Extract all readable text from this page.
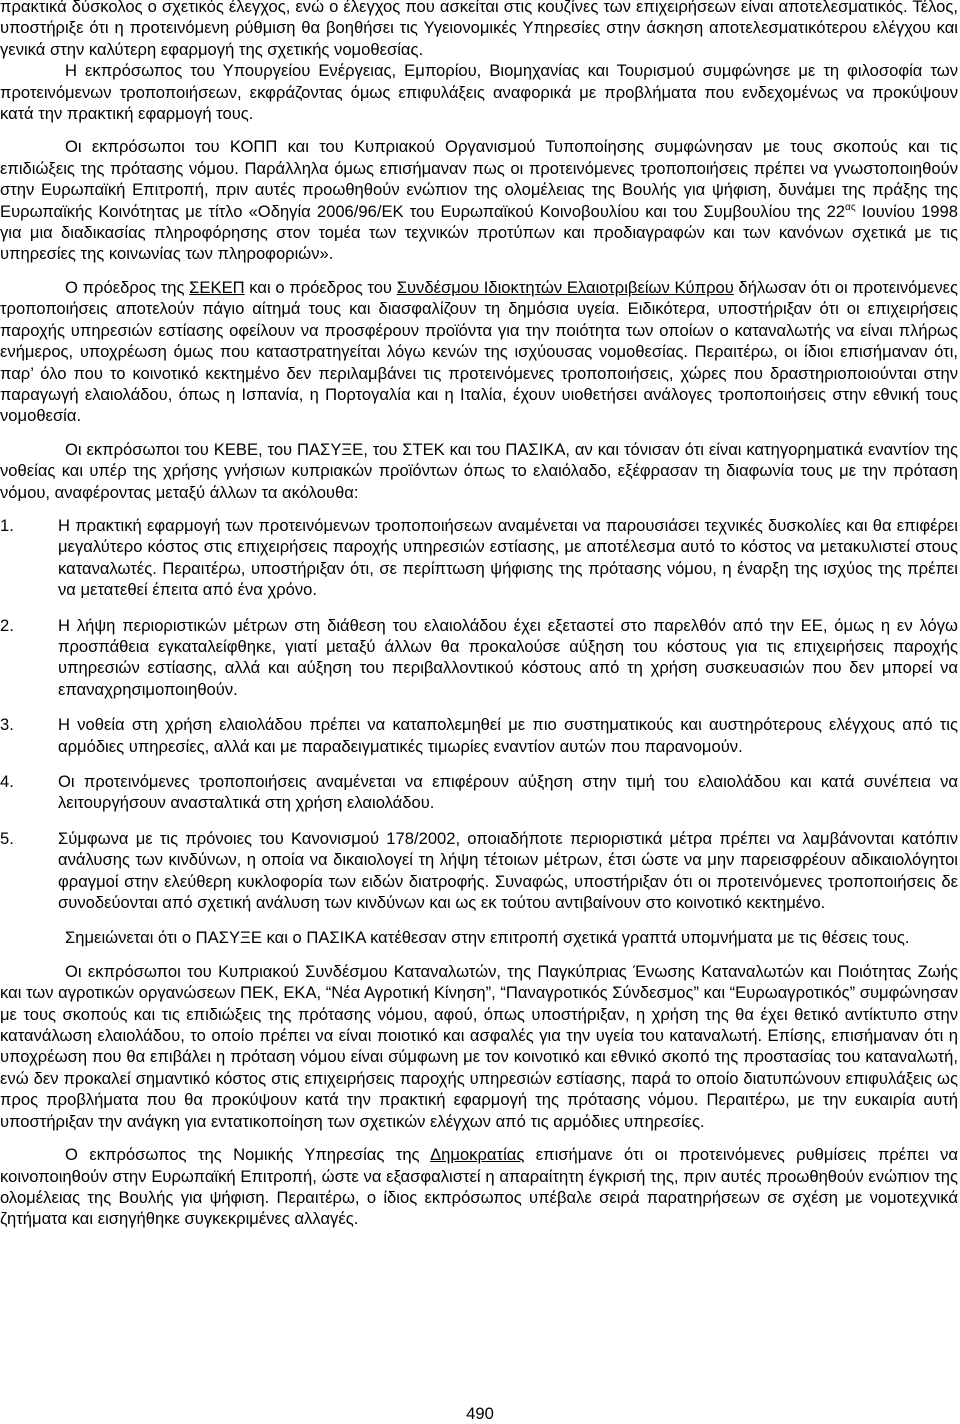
πρακτικά δύσκολος ο σχετικός έλεγχος, ενώ ο έλεγχος που ασκείται στις κουζίνες των επιχειρήσεων είναι αποτελεσματικός. Τέλος, υποστήριξε ότι η προτεινόμενη ρύθμιση θα βοηθήσει τις Υγειονομικές Υπηρεσίες στην άσκηση αποτελεσματικότερου ελέγχου και γενικά στην καλύτερη εφαρμογή της σχετικής νομοθεσίας.

Η εκπρόσωπος του Υπουργείου Ενέργειας, Εμπορίου, Βιομηχανίας και Τουρισμού συμφώνησε με τη φιλοσοφία των προτεινόμενων τροποποιήσεων, εκφράζοντας όμως επιφυλάξεις αναφορικά με προβλήματα που ενδεχομένως να προκύψουν κατά την πρακτική εφαρμογή τους.

Οι εκπρόσωποι του ΚΟΠΠ και του Κυπριακού Οργανισμού Τυποποίησης συμφώνησαν με τους σκοπούς και τις επιδιώξεις της πρότασης νόμου. Παράλληλα όμως επισήμαναν πως οι προτεινόμενες τροποποιήσεις πρέπει να γνωστοποιηθούν στην Ευρωπαϊκή Επιτροπή, πριν αυτές προωθηθούν ενώπιον της ολομέλειας της Βουλής για ψήφιση, δυνάμει της πράξης της Ευρωπαϊκής Κοινότητας με τίτλο «Οδηγία 2006/96/ΕΚ του Ευρωπαϊκού Κοινοβουλίου και του Συμβουλίου της $22^{\alpha\varsigma}$ Ιουνίου 1998 για μια διαδικασίας πληροφόρησης στον τομέα των τεχνικών προτύπων και προδιαγραφών και των κανόνων σχετικά με τις υπηρεσίες της κοινωνίας των πληροφοριών».

Ο πρόεδρος της ΣΕΚΕΠ και ο πρόεδρος του Συνδέσμου Ιδιοκτητών Ελαιοτριβείων Κύπρου δήλωσαν ότι οι προτεινόμενες τροποποιήσεις αποτελούν πάγιο αίτημά τους και διασφαλίζουν τη δημόσια υγεία. Ειδικότερα, υποστήριξαν ότι οι επιχειρήσεις παροχής υπηρεσιών εστίασης οφείλουν να προσφέρουν προϊόντα για την ποιότητα των οποίων ο καταναλωτής να είναι πλήρως ενήμερος, υποχρέωση όμως που καταστρατηγείται λόγω κενών της ισχύουσας νομοθεσίας. Περαιτέρω, οι ίδιοι επισήμαναν ότι, παρ’ όλο που το κοινοτικό κεκτημένο δεν περιλαμβάνει τις προτεινόμενες τροποποιήσεις, χώρες που δραστηριοποιούνται στην παραγωγή ελαιολάδου, όπως η Ισπανία, η Πορτογαλία και η Ιταλία, έχουν υιοθετήσει ανάλογες τροποποιήσεις στην εθνική τους νομοθεσία.

Οι εκπρόσωποι του ΚΕΒΕ, του ΠΑΣΥΞΕ, του ΣΤΕΚ και του ΠΑΣΙΚΑ, αν και τόνισαν ότι είναι κατηγορηματικά εναντίον της νοθείας και υπέρ της χρήσης γνήσιων κυπριακών προϊόντων όπως το ελαιόλαδο, εξέφρασαν τη διαφωνία τους με την πρόταση νόμου, αναφέροντας μεταξύ άλλων τα ακόλουθα:

1.	Η πρακτική εφαρμογή των προτεινόμενων τροποποιήσεων αναμένεται να παρουσιάσει τεχνικές δυσκολίες και θα επιφέρει μεγαλύτερο κόστος στις επιχειρήσεις παροχής υπηρεσιών εστίασης, με αποτέλεσμα αυτό το κόστος να μετακυλιστεί στους καταναλωτές. Περαιτέρω, υποστήριξαν ότι, σε περίπτωση ψήφισης της πρότασης νόμου, η έναρξη της ισχύος της πρέπει να μετατεθεί έπειτα από ένα χρόνο.
2.	Η λήψη περιοριστικών μέτρων στη διάθεση του ελαιολάδου έχει εξεταστεί στο παρελθόν από την ΕΕ, όμως η εν λόγω προσπάθεια εγκαταλείφθηκε, γιατί μεταξύ άλλων θα προκαλούσε αύξηση του κόστους για τις επιχειρήσεις παροχής υπηρεσιών εστίασης, αλλά και αύξηση του περιβαλλοντικού κόστους από τη χρήση συσκευασιών που δεν μπορεί να επαναχρησιμοποιηθούν.
3.	Η νοθεία στη χρήση ελαιολάδου πρέπει να καταπολεμηθεί με πιο συστηματικούς και αυστηρότερους ελέγχους από τις αρμόδιες υπηρεσίες, αλλά και με παραδειγματικές τιμωρίες εναντίον αυτών που παρανομούν.
4.	Οι προτεινόμενες τροποποιήσεις αναμένεται να επιφέρουν αύξηση στην τιμή του ελαιολάδου και κατά συνέπεια να λειτουργήσουν ανασταλτικά στη χρήση ελαιολάδου.
5.	Σύμφωνα με τις πρόνοιες του Κανονισμού 178/2002, οποιαδήποτε περιοριστικά μέτρα πρέπει να λαμβάνονται κατόπιν ανάλυσης των κινδύνων, η οποία να δικαιολογεί τη λήψη τέτοιων μέτρων, έτσι ώστε να μην παρεισφρέουν αδικαιολόγητοι φραγμοί στην ελεύθερη κυκλοφορία των ειδών διατροφής. Συναφώς, υποστήριξαν ότι οι προτεινόμενες τροποποιήσεις δε συνοδεύονται από σχετική ανάλυση των κινδύνων και ως εκ τούτου αντιβαίνουν στο κοινοτικό κεκτημένο.

Σημειώνεται ότι ο ΠΑΣΥΞΕ και ο ΠΑΣΙΚΑ κατέθεσαν στην επιτροπή σχετικά γραπτά υπομνήματα με τις θέσεις τους.

Οι εκπρόσωποι του Κυπριακού Συνδέσμου Καταναλωτών, της Παγκύπριας Ένωσης Καταναλωτών και Ποιότητας Ζωής και των αγροτικών οργανώσεων ΠΕΚ, ΕΚΑ, “Νέα Αγροτική Κίνηση”, “Παναγροτικός Σύνδεσμος” και “Ευρωαγροτικός” συμφώνησαν με τους σκοπούς και τις επιδιώξεις της πρότασης νόμου, αφού, όπως υποστήριξαν, η χρήση της θα έχει θετικό αντίκτυπο στην κατανάλωση ελαιολάδου, το οποίο πρέπει να είναι ποιοτικό και ασφαλές για την υγεία του καταναλωτή. Επίσης, επισήμαναν ότι η υποχρέωση που θα επιβάλει η πρόταση νόμου είναι σύμφωνη με τον κοινοτικό και εθνικό σκοπό της προστασίας του καταναλωτή, ενώ δεν προκαλεί σημαντικό κόστος στις επιχειρήσεις παροχής υπηρεσιών εστίασης, παρά το οποίο διατυπώνουν επιφυλάξεις ως προς προβλήματα που θα προκύψουν κατά την πρακτική εφαρμογή της πρότασης νόμου. Περαιτέρω, με την ευκαιρία αυτή υποστήριξαν την ανάγκη για εντατικοποίηση των σχετικών ελέγχων από τις αρμόδιες υπηρεσίες.

Ο εκπρόσωπος της Νομικής Υπηρεσίας της Δημοκρατίας επισήμανε ότι οι προτεινόμενες ρυθμίσεις πρέπει να κοινοποιηθούν στην Ευρωπαϊκή Επιτροπή, ώστε να εξασφαλιστεί η απαραίτητη έγκρισή της, πριν αυτές προωθηθούν ενώπιον της ολομέλειας της Βουλής για ψήφιση. Περαιτέρω, ο ίδιος εκπρόσωπος υπέβαλε σειρά παρατηρήσεων σε σχέση με νομοτεχνικά ζητήματα και εισηγήθηκε συγκεκριμένες αλλαγές.

490
